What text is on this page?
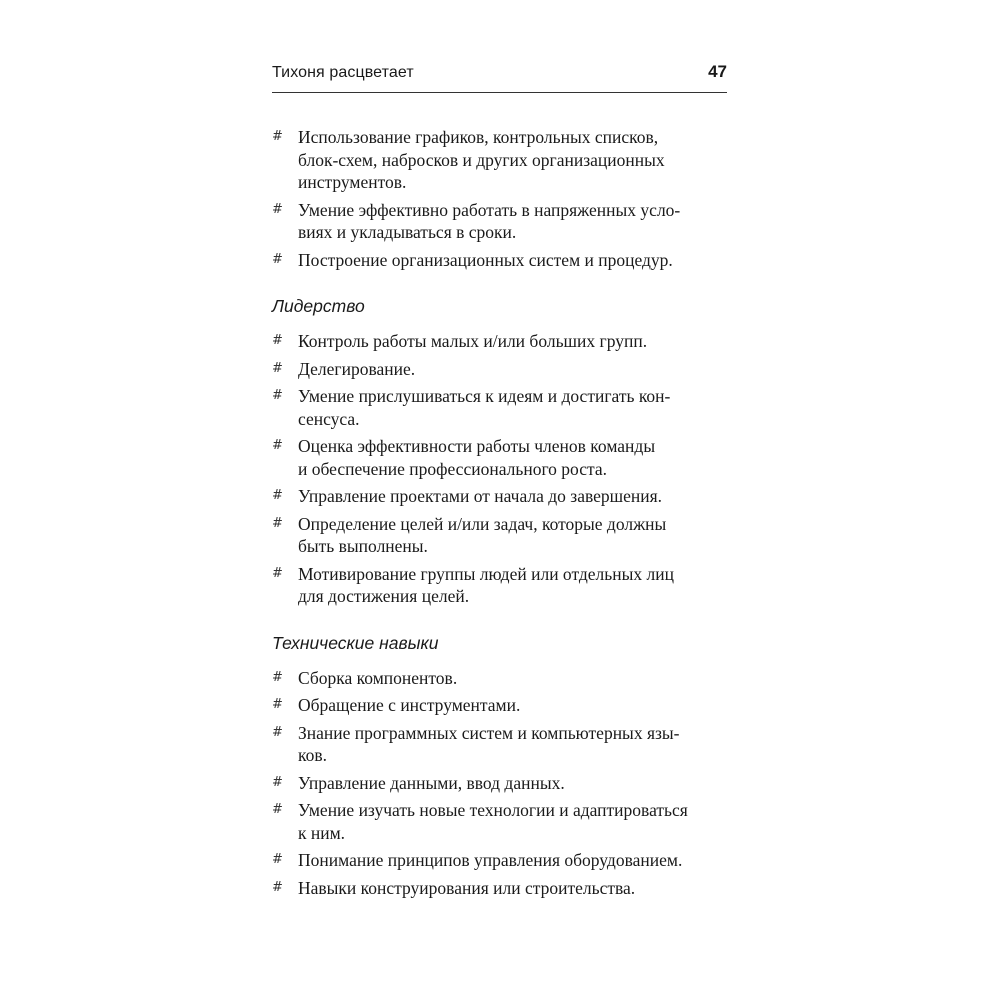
Тихоня расцветает	47
# Использование графиков, контрольных списков,
блок-схем, набросков и других организационных
инструментов.
# Умение эффективно работать в напряженных усло-
виях и укладываться в сроки.
# Построение организационных систем и процедур.
Лидерство
# Контроль работы малых и/или больших групп.
# Делегирование.
# Умение прислушиваться к идеям и достигать кон-
сенсуса.
# Оценка эффективности работы членов команды
и обеспечение профессионального роста.
# Управление проектами от начала до завершения.
# Определение целей и/или задач, которые должны
быть выполнены.
# Мотивирование группы людей или отдельных лиц
для достижения целей.
Технические навыки
# Сборка компонентов.
# Обращение с инструментами.
# Знание программных систем и компьютерных язы-
ков.
# Управление данными, ввод данных.
# Умение изучать новые технологии и адаптироваться
к ним.
# Понимание принципов управления оборудованием.
# Навыки конструирования или строительства.
